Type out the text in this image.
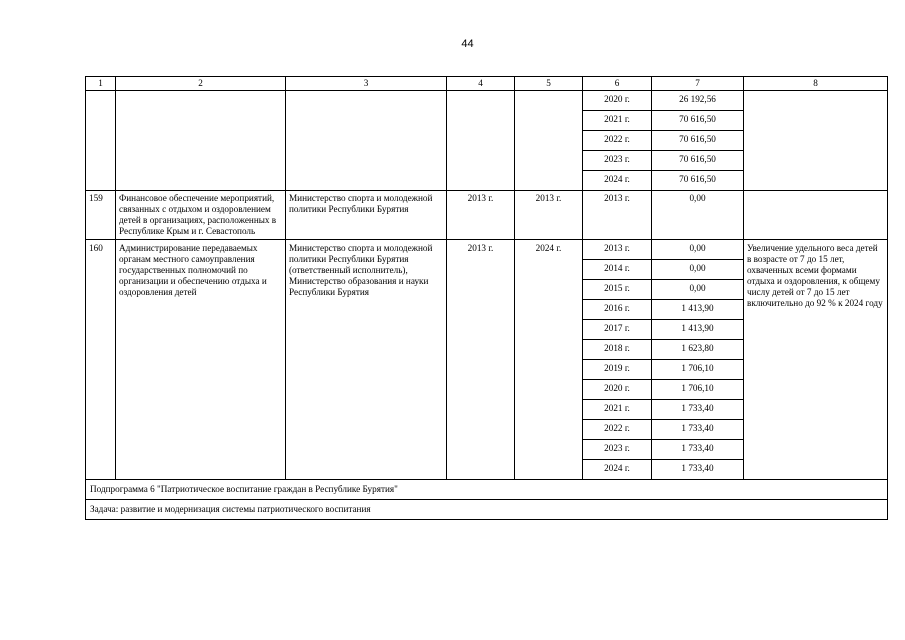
44
1	2	3	4	5	6	7	8
					2020 г.	26 192,56	
					2021 г.	70 616,50	
					2022 г.	70 616,50	
					2023 г.	70 616,50	
					2024 г.	70 616,50	
159	Финансовое обеспечение мероприятий, связанных с отдыхом и оздоровлением детей в организациях, расположенных в Республике Крым и г. Севастополь	Министерство спорта и молодежной политики Республики Бурятия	2013 г.	2013 г.	2013 г.	0,00	
160	Администрирование передаваемых органам местного самоуправления государственных полномочий по организации и обеспечению отдыха и оздоровления детей	Министерство спорта и молодежной политики Республики Бурятия (ответственный исполнитель), Министерство образования и науки Республики Бурятия	2013 г.	2024 г.	2013 г.	0,00	Увеличение удельного веса детей в возрасте от 7 до 15 лет, охваченных всеми формами отдыха и оздоровления, к общему числу детей от 7 до 15 лет включительно до 92 % к 2024 году
					2014 г.	0,00	
					2015 г.	0,00	
					2016 г.	1 413,90	
					2017 г.	1 413,90	
					2018 г.	1 623,80	
					2019 г.	1 706,10	
					2020 г.	1 706,10	
					2021 г.	1 733,40	
					2022 г.	1 733,40	
					2023 г.	1 733,40	
					2024 г.	1 733,40	
Подпрограмма 6 "Патриотическое воспитание граждан в Республике Бурятия"							
Задача: развитие и модернизация системы патриотического воспитания							
